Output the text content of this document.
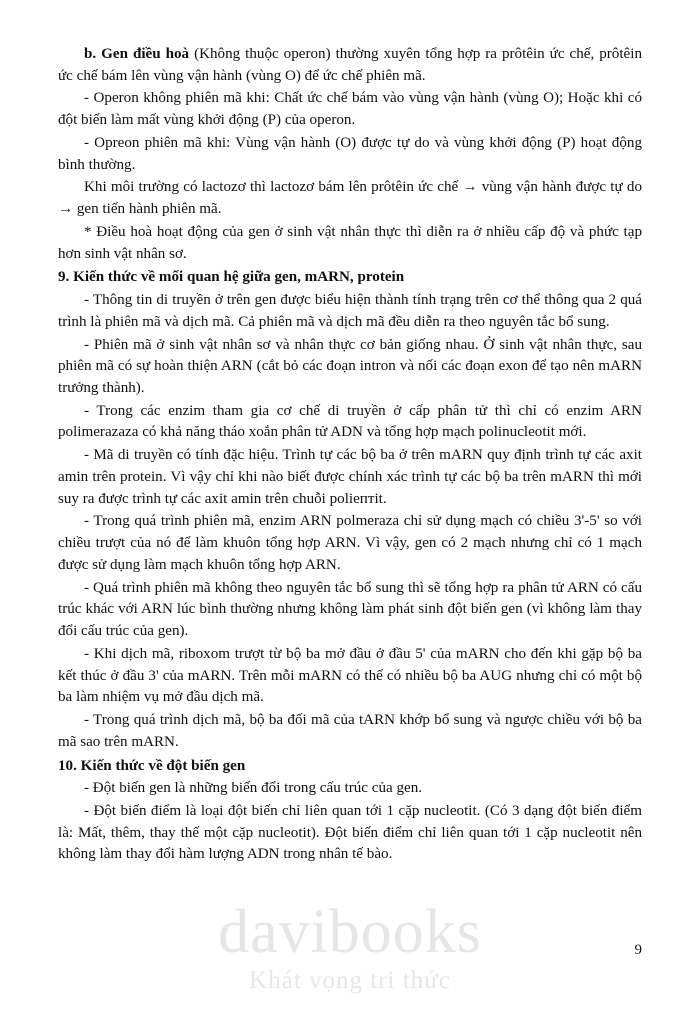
b. Gen điều hoà (Không thuộc operon) thường xuyên tổng hợp ra prôtêin ức chế, prôtêin ức chế bám lên vùng vận hành (vùng O) để ức chế phiên mã.

- Operon không phiên mã khi: Chất ức chế bám vào vùng vận hành (vùng O); Hoặc khi có đột biến làm mất vùng khởi động (P) của operon.

- Opreon phiên mã khi: Vùng vận hành (O) được tự do và vùng khởi động (P) hoạt động bình thường.

Khi môi trường có lactozơ thì lactozơ bám lên prôtêin ức chế → vùng vận hành được tự do → gen tiến hành phiên mã.

* Điều hoà hoạt động của gen ở sinh vật nhân thực thì diễn ra ở nhiều cấp độ và phức tạp hơn sinh vật nhân sơ.

9. Kiến thức về mối quan hệ giữa gen, mARN, protein

- Thông tin di truyền ở trên gen được biểu hiện thành tính trạng trên cơ thể thông qua 2 quá trình là phiên mã và dịch mã. Cả phiên mã và dịch mã đều diễn ra theo nguyên tắc bổ sung.

- Phiên mã ở sinh vật nhân sơ và nhân thực cơ bản giống nhau. Ở sinh vật nhân thực, sau phiên mã có sự hoàn thiện ARN (cắt bỏ các đoạn intron và nối các đoạn exon để tạo nên mARN trưởng thành).

- Trong các enzim tham gia cơ chế di truyền ở cấp phân tử thì chỉ có enzim ARN polimerazaza có khả năng tháo xoắn phân tử ADN và tổng hợp mạch polinucleotit mới.

- Mã di truyền có tính đặc hiệu. Trình tự các bộ ba ở trên mARN quy định trình tự các axit amin trên protein. Vì vậy chỉ khi nào biết được chính xác trình tự các bộ ba trên mARN thì mới suy ra được trình tự các axit amin trên chuỗi poliептit.

- Trong quá trình phiên mã, enzim ARN polmeraza chỉ sử dụng mạch có chiều 3'-5' so với chiều trượt của nó để làm khuôn tổng hợp ARN. Vì vậy, gen có 2 mạch nhưng chỉ có 1 mạch được sử dụng làm mạch khuôn tổng hợp ARN.

- Quá trình phiên mã không theo nguyên tắc bổ sung thì sẽ tổng hợp ra phân tử ARN có cấu trúc khác với ARN lúc bình thường nhưng không làm phát sinh đột biến gen (vì không làm thay đổi cấu trúc của gen).

- Khi dịch mã, riboxom trượt từ bộ ba mở đầu ở đầu 5' của mARN cho đến khi gặp bộ ba kết thúc ở đầu 3' của mARN. Trên mỗi mARN có thể có nhiều bộ ba AUG nhưng chỉ có một bộ ba làm nhiệm vụ mở đầu dịch mã.

- Trong quá trình dịch mã, bộ ba đối mã của tARN khớp bổ sung và ngược chiều với bộ ba mã sao trên mARN.

10. Kiến thức về đột biến gen

- Đột biến gen là những biến đổi trong cấu trúc của gen.

- Đột biến điểm là loại đột biến chỉ liên quan tới 1 cặp nucleotit. (Có 3 dạng đột biến điểm là: Mất, thêm, thay thế một cặp nucleotit). Đột biến điểm chỉ liên quan tới 1 cặp nucleotit nên không làm thay đổi hàm lượng ADN trong nhân tế bào.

davibooks
Khát vọng tri thức
9
